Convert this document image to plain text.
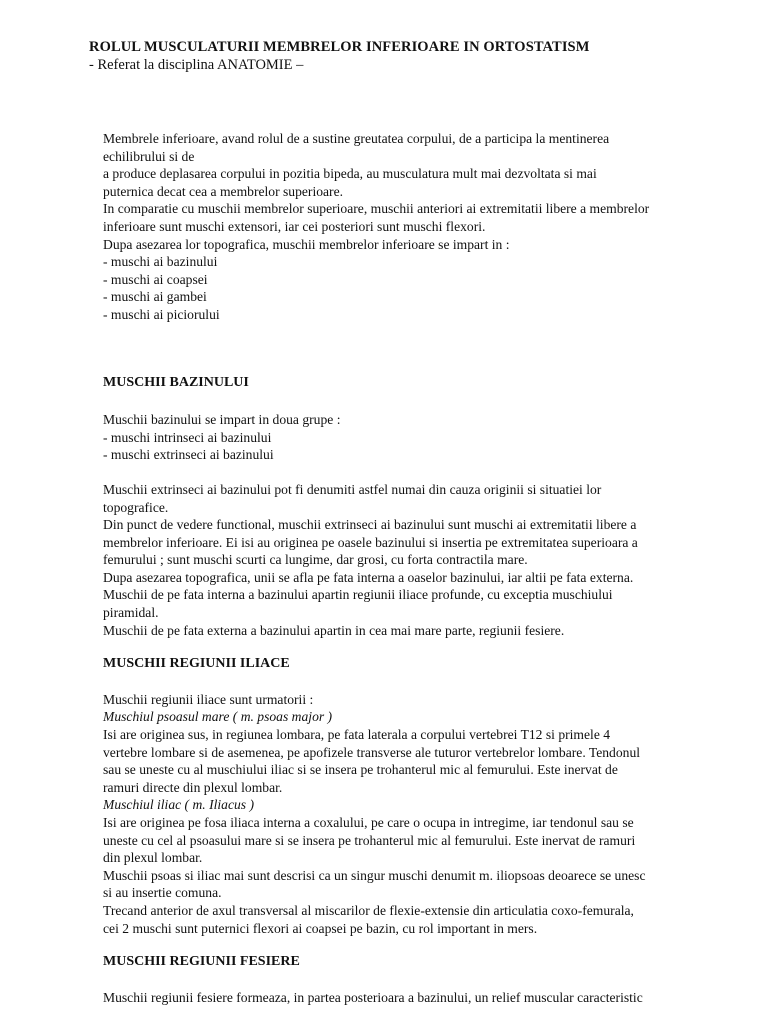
ROLUL MUSCULATURII MEMBRELOR INFERIOARE IN ORTOSTATISM
- Referat la disciplina ANATOMIE –
Membrele inferioare, avand rolul de a sustine greutatea corpului, de a participa la mentinerea
echilibrului si de
a produce deplasarea corpului in pozitia bipeda, au musculatura mult mai dezvoltata si mai
puternica decat cea a membrelor superioare.
In comparatie cu muschii membrelor superioare, muschii anteriori ai extremitatii libere a membrelor
inferioare sunt muschi extensori, iar cei posteriori sunt muschi flexori.
Dupa asezarea lor topografica, muschii membrelor inferioare se impart in :
- muschi ai bazinului
- muschi ai coapsei
- muschi ai gambei
- muschi ai piciorului
MUSCHII BAZINULUI
Muschii bazinului se impart in doua grupe :
- muschi intrinseci ai bazinului
- muschi extrinseci ai bazinului
Muschii extrinseci ai bazinului pot fi denumiti astfel numai din cauza originii si situatiei lor
topografice.
Din punct de vedere functional, muschii extrinseci ai bazinului sunt muschi ai extremitatii libere a
membrelor inferioare. Ei isi au originea pe oasele bazinului si insertia pe extremitatea superioara a
femurului ; sunt muschi scurti ca lungime, dar grosi, cu forta contractila mare.
Dupa asezarea topografica, unii se afla pe fata interna a oaselor bazinului, iar altii pe fata externa.
Muschii de pe fata interna a bazinului apartin regiunii iliace profunde, cu exceptia muschiului
piramidal.
Muschii de pe fata externa a bazinului apartin in cea mai mare parte, regiunii fesiere.
MUSCHII REGIUNII ILIACE
Muschii regiunii iliace sunt urmatorii :
Muschiul psoasul mare ( m. psoas major )
Isi are originea sus, in regiunea lombara, pe fata laterala a corpului vertebrei T12 si primele 4
vertebre lombare si de asemenea, pe apofizele transverse ale tuturor vertebrelor lombare. Tendonul
sau se uneste cu al muschiului iliac si se insera pe trohanterul mic al femurului. Este inervat de
ramuri directe din plexul lombar.
Muschiul iliac ( m. Iliacus )
Isi are originea pe fosa iliaca interna a coxalului, pe care o ocupa in intregime, iar tendonul sau se
uneste cu cel al psoasului mare si se insera pe trohanterul mic al femurului. Este inervat de ramuri
din plexul lombar.
Muschii psoas si iliac mai sunt descrisi ca un singur muschi denumit m. iliopsoas deoarece se unesc
si au insertie comuna.
Trecand anterior de axul transversal al miscarilor de flexie-extensie din articulatia coxo-femurala,
cei 2 muschi sunt puternici flexori ai coapsei pe bazin, cu rol important in mers.
MUSCHII REGIUNII FESIERE
Muschii regiunii fesiere formeaza, in partea posterioara a bazinului, un relief muscular caracteristic
